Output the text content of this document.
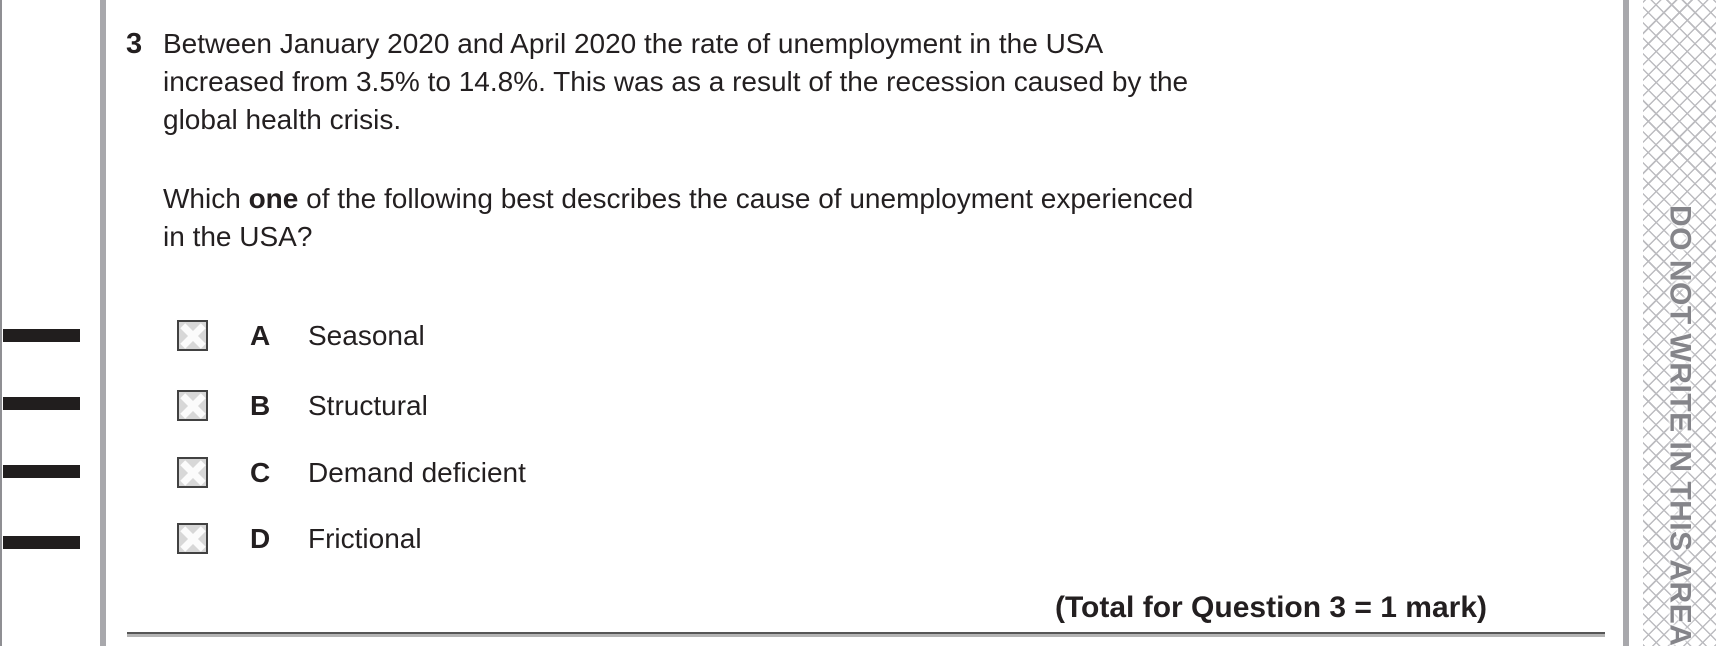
3 Between January 2020 and April 2020 the rate of unemployment in the USA
increased from 3.5% to 14.8%. This was as a result of the recession caused by the
global health crisis.
Which one of the following best describes the cause of unemployment experienced
in the USA?
A Seasonal
B Structural
C Demand deficient
D Frictional
(Total for Question 3 = 1 mark)	DO NOT WRITE IN THIS AREA
